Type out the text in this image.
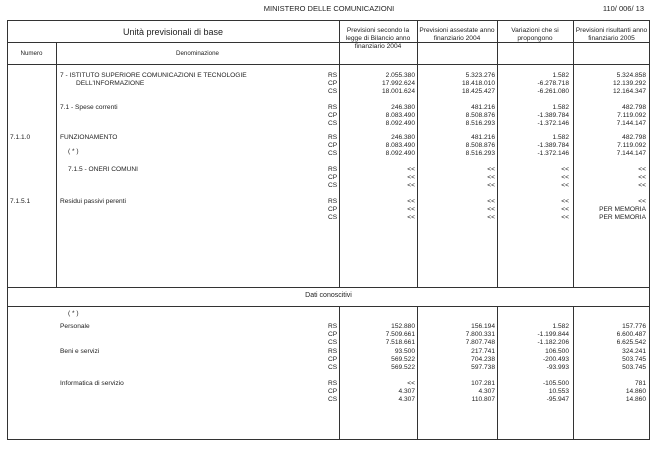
MINISTERO DELLE COMUNICAZIONI	110/ 006/ 13
Unità previsionali di base
Numero	Denominazione
Previsioni secondo la legge di Bilancio anno finanziario 2004
Previsioni assestate anno finanziario 2004
Variazioni che si propongono
Previsioni risultanti anno finanziario 2005
Dati conoscitivi
7 - ISTITUTO SUPERIORE COMUNICAZIONI E TECNOLOGIE
DELL'INFORMAZIONE
RS	2.055.380	5.323.276	1.582	5.324.858
CP	17.992.624	18.418.010	-6.278.718	12.139.292
CS	18.001.624	18.425.427	-6.261.080	12.164.347
7.1 - Spese correnti	RS	246.380	481.216	1.582	482.798
CP	8.083.490	8.508.876	-1.389.784	7.119.092
CS	8.092.490	8.516.293	-1.372.146	7.144.147
7.1.1.0	FUNZIONAMENTO
( * )
RS	246.380	481.216	1.582	482.798
CP	8.083.490	8.508.876	-1.389.784	7.119.092
CS	8.092.490	8.516.293	-1.372.146	7.144.147
7.1.5 - ONERI COMUNI	RS	<<	<<	<<	<<
CP	<<	<<	<<	<<
CS	<<	<<	<<	<<
7.1.5.1	Residui passivi perenti	RS	<<	<<	<<	<<
CP	<<	<<	<<	PER MEMORIA
CS	<<	<<	<<	PER MEMORIA
( * )
Personale	RS	152.880	156.194	1.582	157.776
CP	7.509.661	7.800.331	-1.199.844	6.600.487
CS	7.518.661	7.807.748	-1.182.206	6.625.542
Beni e servizi	RS	93.500	217.741	106.500	324.241
CP	569.522	704.238	-200.493	503.745
CS	569.522	597.738	-93.993	503.745
Informatica di servizio	RS	<<	107.281	-105.500	781
CP	4.307	4.307	10.553	14.860
CS	4.307	110.807	-95.947	14.860
